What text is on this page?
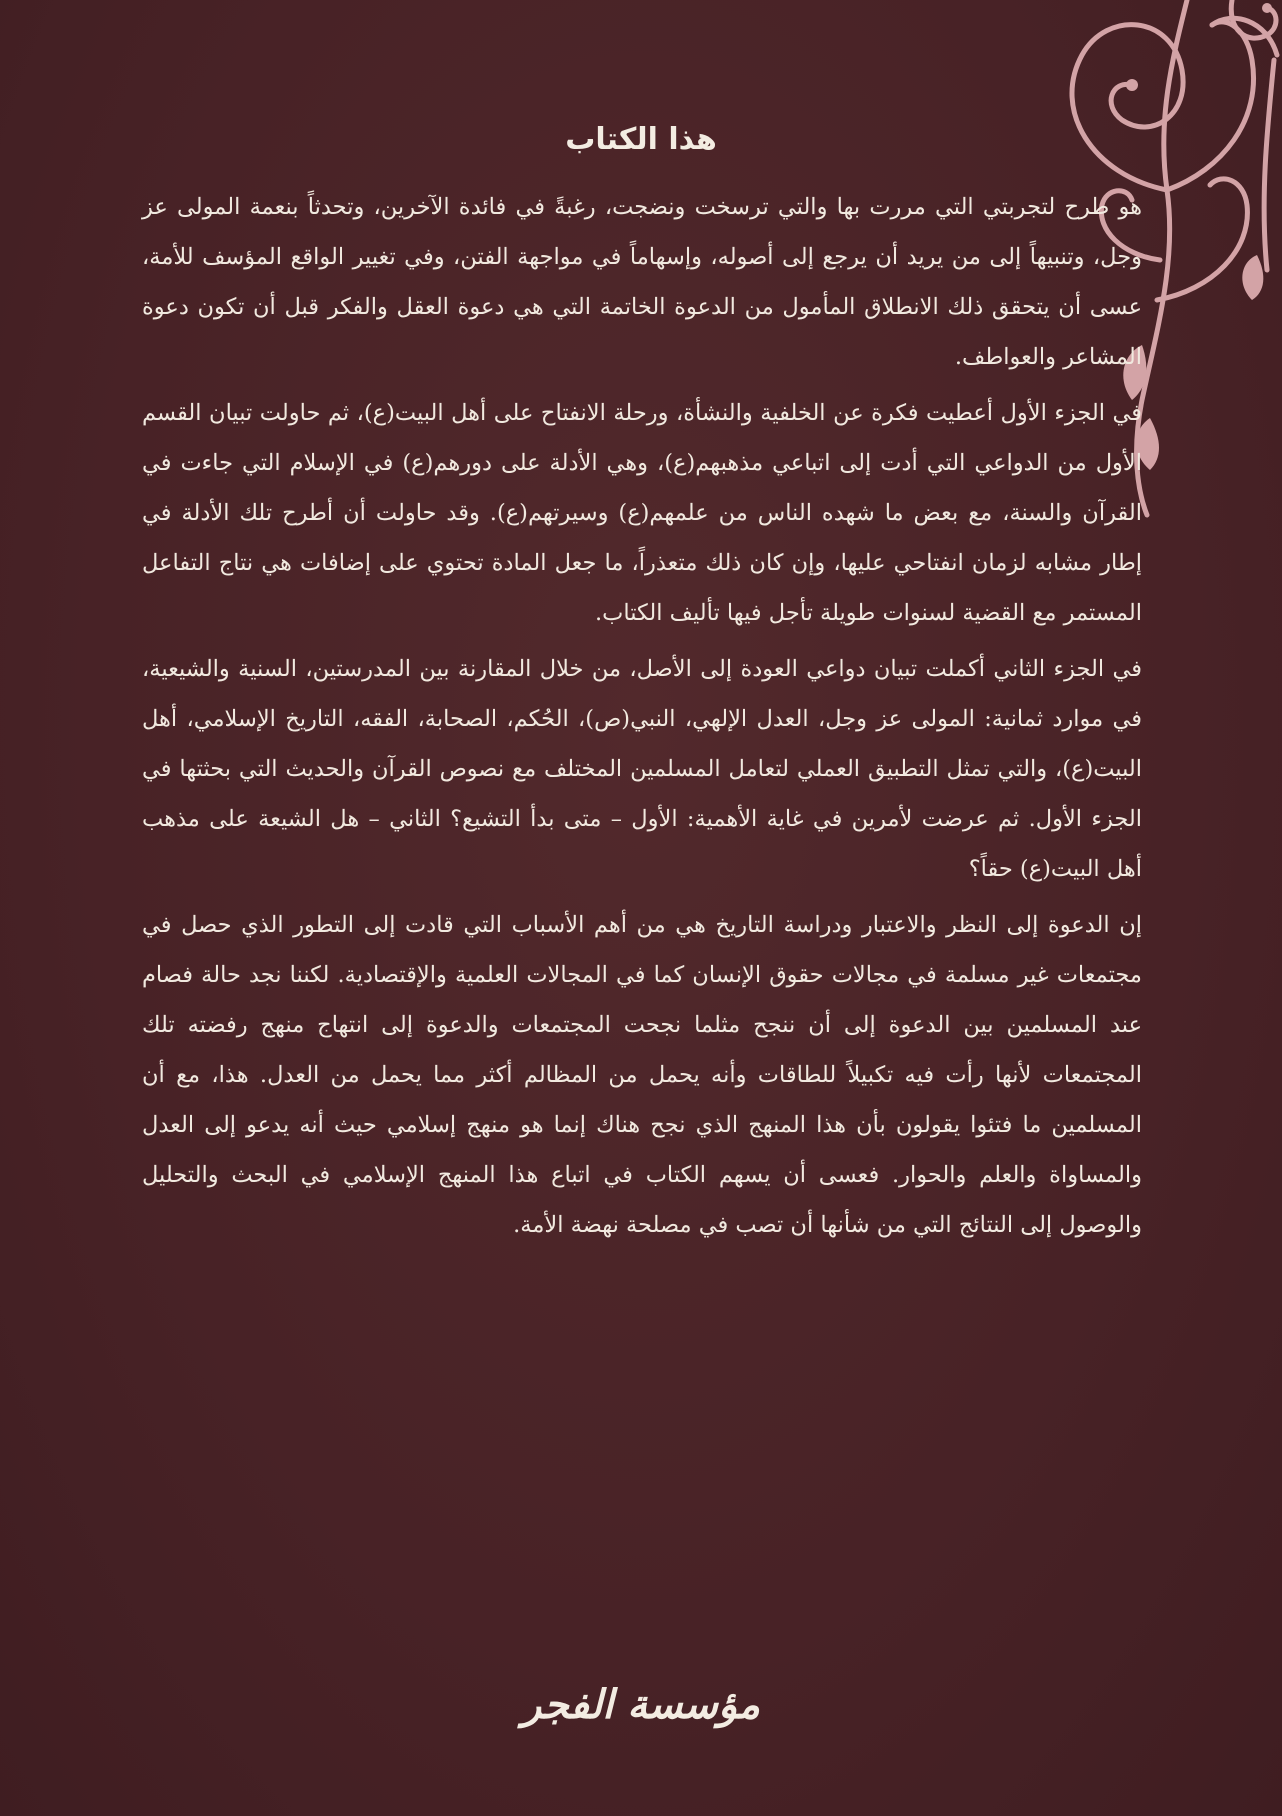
هذا الكتاب

هو طرح لتجربتي التي مررت بها والتي ترسخت ونضجت، رغبةً في فائدة الآخرين، وتحدثاً بنعمة المولى عز وجل، وتنبيهاً إلى من يريد أن يرجع إلى أصوله، وإسهاماً في مواجهة الفتن، وفي تغيير الواقع المؤسف للأمة، عسى أن يتحقق ذلك الانطلاق المأمول من الدعوة الخاتمة التي هي دعوة العقل والفكر قبل أن تكون دعوة المشاعر والعواطف.

في الجزء الأول أعطيت فكرة عن الخلفية والنشأة، ورحلة الانفتاح على أهل البيت(ع)، ثم حاولت تبيان القسم الأول من الدواعي التي أدت إلى اتباعي مذهبهم(ع)، وهي الأدلة على دورهم(ع) في الإسلام التي جاءت في القرآن والسنة، مع بعض ما شهده الناس من علمهم(ع) وسيرتهم(ع). وقد حاولت أن أطرح تلك الأدلة في إطار مشابه لزمان انفتاحي عليها، وإن كان ذلك متعذراً، ما جعل المادة تحتوي على إضافات هي نتاج التفاعل المستمر مع القضية لسنوات طويلة تأجل فيها تأليف الكتاب.

في الجزء الثاني أكملت تبيان دواعي العودة إلى الأصل، من خلال المقارنة بين المدرستين، السنية والشيعية، في موارد ثمانية: المولى عز وجل، العدل الإلهي، النبي(ص)، الحُكم، الصحابة، الفقه، التاريخ الإسلامي، أهل البيت(ع)، والتي تمثل التطبيق العملي لتعامل المسلمين المختلف مع نصوص القرآن والحديث التي بحثتها في الجزء الأول. ثم عرضت لأمرين في غاية الأهمية: الأول – متى بدأ التشيع؟ الثاني – هل الشيعة على مذهب أهل البيت(ع) حقاً؟

إن الدعوة إلى النظر والاعتبار ودراسة التاريخ هي من أهم الأسباب التي قادت إلى التطور الذي حصل في مجتمعات غير مسلمة في مجالات حقوق الإنسان كما في المجالات العلمية والإقتصادية. لكننا نجد حالة فصام عند المسلمين بين الدعوة إلى أن ننجح مثلما نجحت المجتمعات والدعوة إلى انتهاج منهج رفضته تلك المجتمعات لأنها رأت فيه تكبيلاً للطاقات وأنه يحمل من المظالم أكثر مما يحمل من العدل. هذا، مع أن المسلمين ما فتئوا يقولون بأن هذا المنهج الذي نجح هناك إنما هو منهج إسلامي حيث أنه يدعو إلى العدل والمساواة والعلم والحوار. فعسى أن يسهم الكتاب في اتباع هذا المنهج الإسلامي في البحث والتحليل والوصول إلى النتائج التي من شأنها أن تصب في مصلحة نهضة الأمة.

مؤسسة الفجر
